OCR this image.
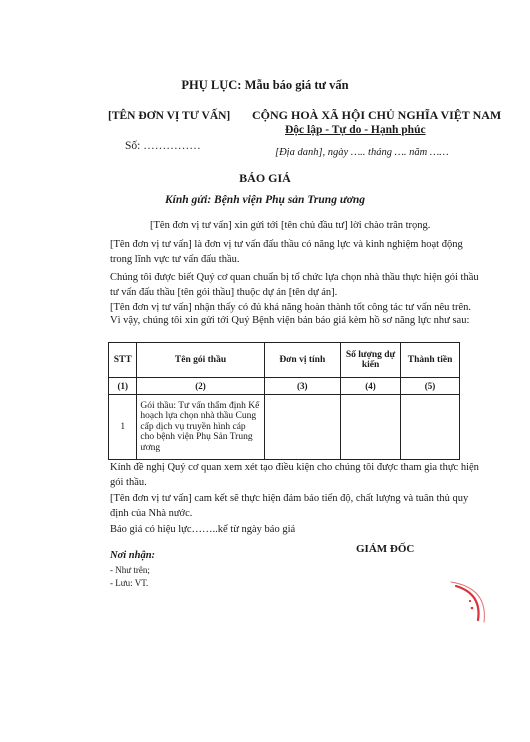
PHỤ LỤC: Mẫu báo giá tư vấn
[TÊN ĐƠN VỊ TƯ VẤN]
Số: ……………
CỘNG HOÀ XÃ HỘI CHỦ NGHĨA VIỆT NAM
Độc lập - Tự do - Hạnh phúc
[Địa danh], ngày ….. tháng …. năm ……
BÁO GIÁ
Kính gửi: Bệnh viện Phụ sản Trung ương
[Tên đơn vị tư vấn] xin gửi tới [tên chủ đầu tư] lời chào trân trọng.
[Tên đơn vị tư vấn] là đơn vị tư vấn đấu thầu có năng lực và kinh nghiệm hoạt động trong lĩnh vực tư vấn đấu thầu.
Chúng tôi được biết Quý cơ quan chuẩn bị tổ chức lựa chọn nhà thầu thực hiện gói thầu tư vấn đấu thầu [tên gói thầu] thuộc dự án [tên dự án].
[Tên đơn vị tư vấn] nhận thấy có đủ khả năng hoàn thành tốt công tác tư vấn nêu trên. Vì vậy, chúng tôi xin gửi tới Quý Bệnh viện bản báo giá kèm hồ sơ năng lực như sau:
STT	Tên gói thầu	Đơn vị tính	Số lượng dự kiến	Thành tiền
(1)	(2)	(3)	(4)	(5)
1	Gói thầu: Tư vấn thẩm định Kế hoạch lựa chọn nhà thầu Cung cấp dịch vụ truyền hình cáp cho bệnh viện Phụ Sản Trung ương			
Kính đề nghị Quý cơ quan xem xét tạo điều kiện cho chúng tôi được tham gia thực hiện gói thầu.
[Tên đơn vị tư vấn] cam kết sẽ thực hiện đảm bảo tiến độ, chất lượng và tuân thủ quy định của Nhà nước.
Báo giá có hiệu lực……..kể từ ngày báo giá
Nơi nhận:
- Như trên;
- Lưu: VT.
GIÁM ĐỐC
